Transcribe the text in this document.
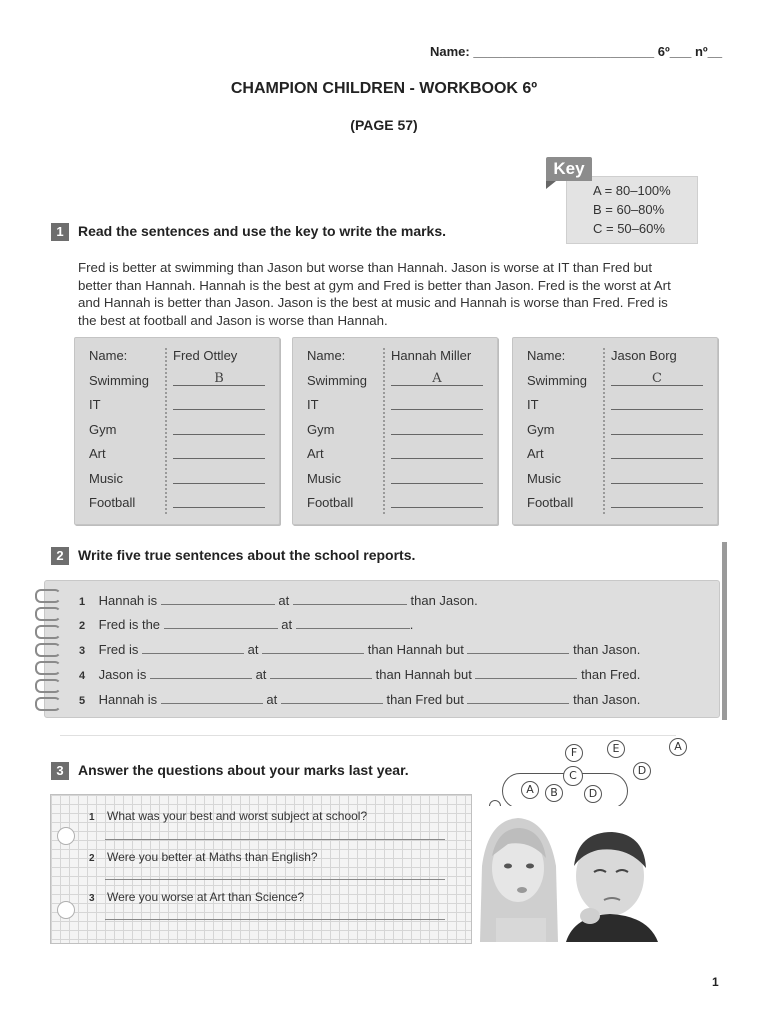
Name: _________________________ 6º___ nº__
CHAMPION CHILDREN - WORKBOOK 6º
(PAGE 57)
A = 80–100%
B = 60–80%
C = 50–60%
Key
1	Read the sentences and use the key to write the marks.
Fred is better at swimming than Jason but worse than Hannah. Jason is worse at IT than Fred but better than Hannah. Hannah is the best at gym and Fred is better than Jason. Fred is the worst at Art and Hannah is better than Jason. Jason is the best at music and Hannah is worse than Fred. Fred is the best at football and Jason is worse than Hannah.
Name:	Fred Ottley
Swimming	B
IT
Gym
Art
Music
Football
Name:	Hannah Miller
Swimming	A
IT
Gym
Art
Music
Football
Name:	Jason Borg
Swimming	C
IT
Gym
Art
Music
Football
2	Write five true sentences about the school reports.
1 Hannah is	at	than Jason.
2 Fred is the	at	.
3 Fred is	at	than Hannah but	than Jason.
4 Jason is	at	than Hannah but	than Fred.
5 Hannah is	at	than Fred but	than Jason.
3	Answer the questions about your marks last year.
1 What was your best and worst subject at school?
2 Were you better at Maths than English?
3 Were you worse at Art than Science?
F	E	A
D
C
A	B	D
1
